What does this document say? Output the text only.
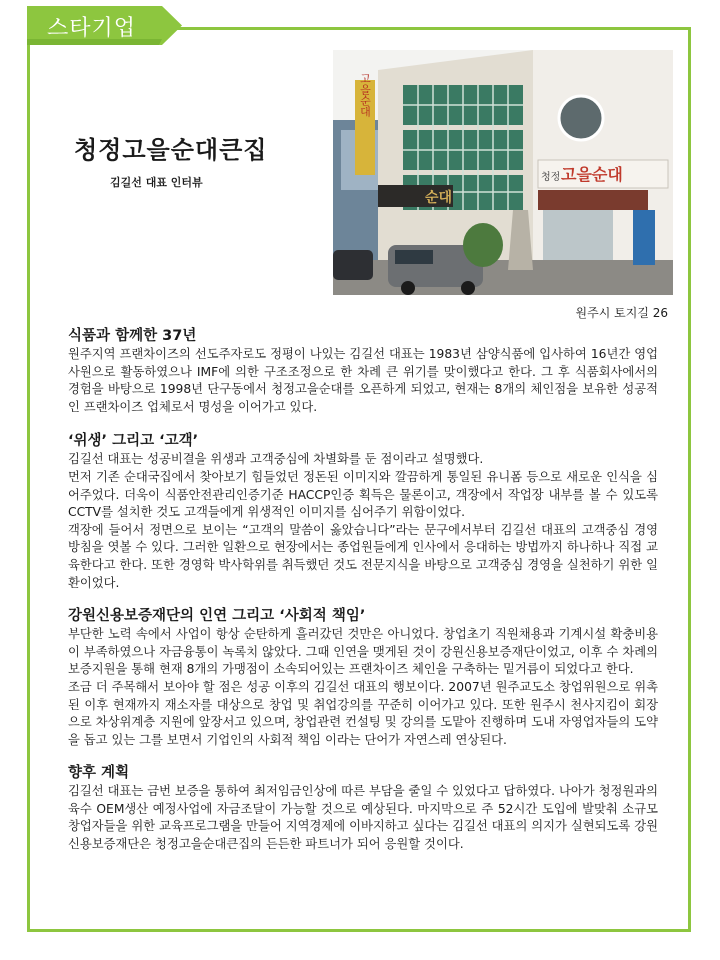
스타기업
청정고을순대큰집
김길선 대표 인터뷰
고을순대
고을순대
청정
순대
원주시 토지길 26
식품과 함께한 37년

원주지역 프랜차이즈의 선도주자로도 정평이 나있는 김길선 대표는 1983년 삼양식품에 입사하여 16년간 영업사원으로 활동하였으나 IMF에 의한 구조조정으로 한 차례 큰 위기를 맞이했다고 한다. 그 후 식품회사에서의 경험을 바탕으로 1998년 단구동에서 청정고을순대를 오픈하게 되었고, 현재는 8개의 체인점을 보유한 성공적인 프랜차이즈 업체로서 명성을 이어가고 있다.

‘위생’ 그리고 ‘고객’

김길선 대표는 성공비결을 위생과 고객중심에 차별화를 둔 점이라고 설명했다.

먼저 기존 순대국집에서 찾아보기 힘들었던 정돈된 이미지와 깔끔하게 통일된 유니폼 등으로 새로운 인식을 심어주었다. 더욱이 식품안전관리인증기준 HACCP인증 획득은 물론이고, 객장에서 작업장 내부를 볼 수 있도록 CCTV를 설치한 것도 고객들에게 위생적인 이미지를 심어주기 위함이었다.

객장에 들어서 정면으로 보이는 “고객의 말씀이 옳았습니다”라는 문구에서부터 김길선 대표의 고객중심 경영방침을 엿볼 수 있다. 그러한 일환으로 현장에서는 종업원들에게 인사에서 응대하는 방법까지 하나하나 직접 교육한다고 한다. 또한 경영학 박사학위를 취득했던 것도 전문지식을 바탕으로 고객중심 경영을 실천하기 위한 일환이었다.

강원신용보증재단의 인연 그리고 ‘사회적 책임’

부단한 노력 속에서 사업이 항상 순탄하게 흘러갔던 것만은 아니었다. 창업초기 직원채용과 기계시설 확충비용이 부족하였으나 자금융통이 녹록치 않았다. 그때 인연을 맺게된 것이 강원신용보증재단이었고, 이후 수 차례의 보증지원을 통해 현재 8개의 가맹점이 소속되어있는 프랜차이즈 체인을 구축하는 밑거름이 되었다고 한다.

조금 더 주목해서 보아야 할 점은 성공 이후의 김길선 대표의 행보이다. 2007년 원주교도소 창업위원으로 위촉된 이후 현재까지 재소자를 대상으로 창업 및 취업강의를 꾸준히 이어가고 있다. 또한 원주시 천사지킴이 회장으로 차상위계층 지원에 앞장서고 있으며, 창업관련 컨설팅 및 강의를 도맡아 진행하며 도내 자영업자들의 도약을 돕고 있는 그를 보면서 기업인의 사회적 책임 이라는 단어가 자연스레 연상된다.

향후 계획

김길선 대표는 금번 보증을 통하여 최저임금인상에 따른 부담을 줄일 수 있었다고 답하였다. 나아가 청정원과의 육수 OEM생산 예정사업에 자금조달이 가능할 것으로 예상된다. 마지막으로 주 52시간 도입에 발맞춰 소규모 창업자들을 위한 교육프로그램을 만들어 지역경제에 이바지하고 싶다는 김길선 대표의 의지가 실현되도록 강원신용보증재단은 청정고을순대큰집의 든든한 파트너가 되어 응원할 것이다.
